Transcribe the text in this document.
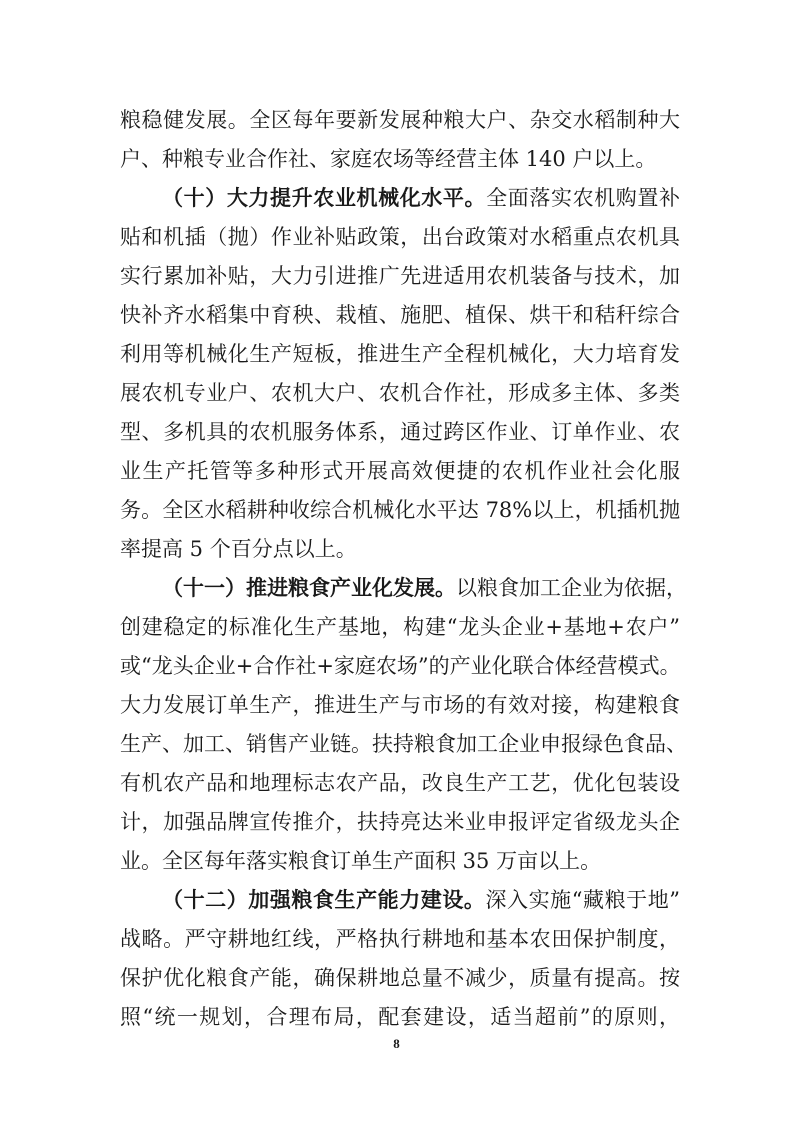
粮稳健发展。全区每年要新发展种粮大户、杂交水稻制种大
户、种粮专业合作社、家庭农场等经营主体 140 户以上。
（十）大力提升农业机械化水平。全面落实农机购置补
贴和机插（抛）作业补贴政策，出台政策对水稻重点农机具
实行累加补贴，大力引进推广先进适用农机装备与技术，加
快补齐水稻集中育秧、栽植、施肥、植保、烘干和秸秆综合
利用等机械化生产短板，推进生产全程机械化，大力培育发
展农机专业户、农机大户、农机合作社，形成多主体、多类
型、多机具的农机服务体系，通过跨区作业、订单作业、农
业生产托管等多种形式开展高效便捷的农机作业社会化服
务。全区水稻耕种收综合机械化水平达 78%以上，机插机抛
率提高 5 个百分点以上。
（十一）推进粮食产业化发展。以粮食加工企业为依据，
创建稳定的标准化生产基地，构建“龙头企业+基地+农户”
或“龙头企业+合作社+家庭农场”的产业化联合体经营模式。
大力发展订单生产，推进生产与市场的有效对接，构建粮食
生产、加工、销售产业链。扶持粮食加工企业申报绿色食品、
有机农产品和地理标志农产品，改良生产工艺，优化包装设
计，加强品牌宣传推介，扶持亮达米业申报评定省级龙头企
业。全区每年落实粮食订单生产面积 35 万亩以上。
（十二）加强粮食生产能力建设。深入实施“藏粮于地”
战略。严守耕地红线，严格执行耕地和基本农田保护制度，
保护优化粮食产能，确保耕地总量不减少，质量有提高。按
照“统一规划，合理布局，配套建设，适当超前”的原则，
8
